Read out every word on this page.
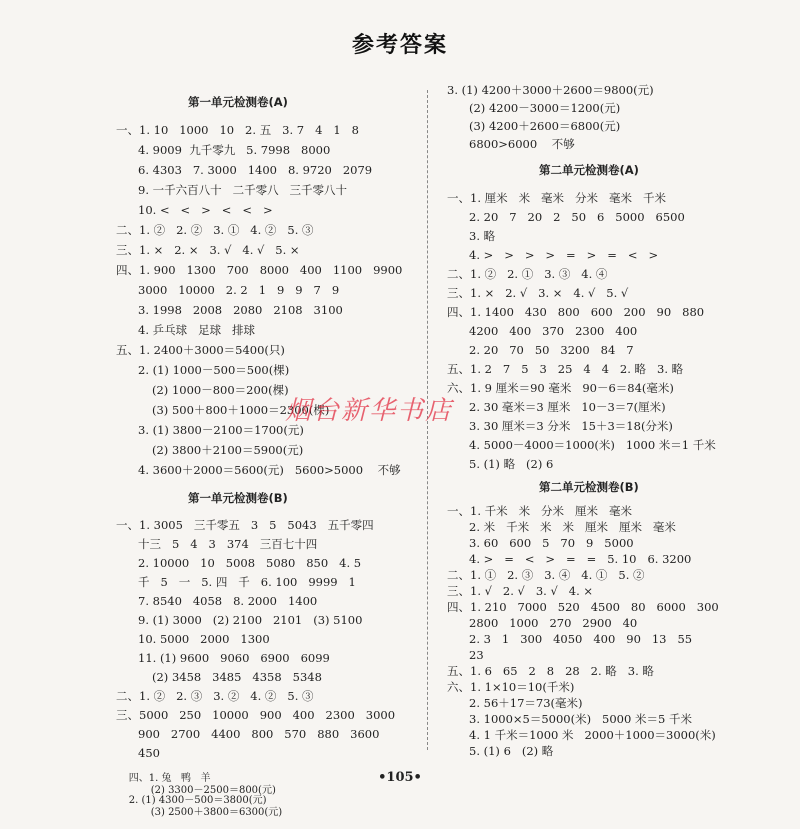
参考答案
第一单元检测卷(A)
一、1. 10   1000   10   2. 五   3. 7   4   1   8
4. 9009  九千零九   5. 7998   8000
6. 4303   7. 3000   1400   8. 9720   2079
9. 一千六百八十   二千零八   三千零八十
10. <   <   >   <   <   >
二、1. ②   2. ②   3. ①   4. ②   5. ③
三、1. ×   2. ×   3. √   4. √   5. ×
四、1. 900   1300   700   8000   400   1100   9900
3000   10000   2. 2   1   9   9   7   9
3. 1998   2008   2080   2108   3100
4. 乒乓球   足球   排球
五、1. 2400＋3000＝5400(只)
2. (1) 1000－500＝500(棵)
(2) 1000－800＝200(棵)
(3) 500＋800＋1000＝2300(棵)
3. (1) 3800－2100＝1700(元)
(2) 3800＋2100＝5900(元)
4. 3600＋2000＝5600(元)   5600>5000    不够
第一单元检测卷(B)
一、1. 3005   三千零五   3   5   5043   五千零四
十三   5   4   3   374   三百七十四
2. 10000   10   5008   5080   850   4. 5
千   5   一   5. 四   千   6. 100   9999   1
7. 8540   4058   8. 2000   1400
9. (1) 3000   (2) 2100   2101   (3) 5100
10. 5000   2000   1300
11. (1) 9600   9060   6900   6099
(2) 3458   3485   4358   5348
二、1. ②   2. ③   3. ②   4. ②   5. ③
三、5000   250   10000   900   400   2300   3000
900   2700   4400   800   570   880   3600
450
3. (1) 4200＋3000＋2600＝9800(元)
(2) 4200－3000＝1200(元)
(3) 4200＋2600＝6800(元)
6800>6000    不够
第二单元检测卷(A)
一、1. 厘米   米   毫米   分米   毫米   千米
2. 20   7   20   2   50   6   5000   6500
3. 略
4. >   >   >   >   =   >   =   <   >
二、1. ②   2. ①   3. ③   4. ④
三、1. ×   2. √   3. ×   4. √   5. √
四、1. 1400   430   800   600   200   90   880
4200   400   370   2300   400
2. 20   70   50   3200   84   7
五、1. 2   7   5   3   25   4   4   2. 略   3. 略
六、1. 9 厘米＝90 毫米   90－6＝84(毫米)
2. 30 毫米＝3 厘米   10－3＝7(厘米)
3. 30 厘米＝3 分米   15＋3＝18(分米)
4. 5000－4000＝1000(米)   1000 米＝1 千米
5. (1) 略   (2) 6
第二单元检测卷(B)
一、1. 千米   米   分米   厘米   毫米
2. 米   千米   米   米   厘米   厘米   毫米
3. 60   600   5   70   9   5000
4. >   =   <   >   =   =   5. 10   6. 3200
二、1. ①   2. ③   3. ④   4. ①   5. ②
三、1. √   2. √   3. √   4. ×
四、1. 210   7000   520   4500   80   6000   300
2800   1000   270   2900   40
2. 3   1   300   4050   400   90   13   55
23
五、1. 6   65   2   8   28   2. 略   3. 略
六、1. 1×10＝10(千米)
2. 56＋17＝73(毫米)
3. 1000×5＝5000(米)   5000 米＝5 千米
4. 1 千米＝1000 米   2000＋1000＝3000(米)
5. (1) 6   (2) 略
烟台新华书店
•105•

四、1. 兔   鸭   羊

2. (1) 4300－500＝3800(元)

(2) 3300－2500＝800(元)

(3) 2500＋3800＝6300(元)
